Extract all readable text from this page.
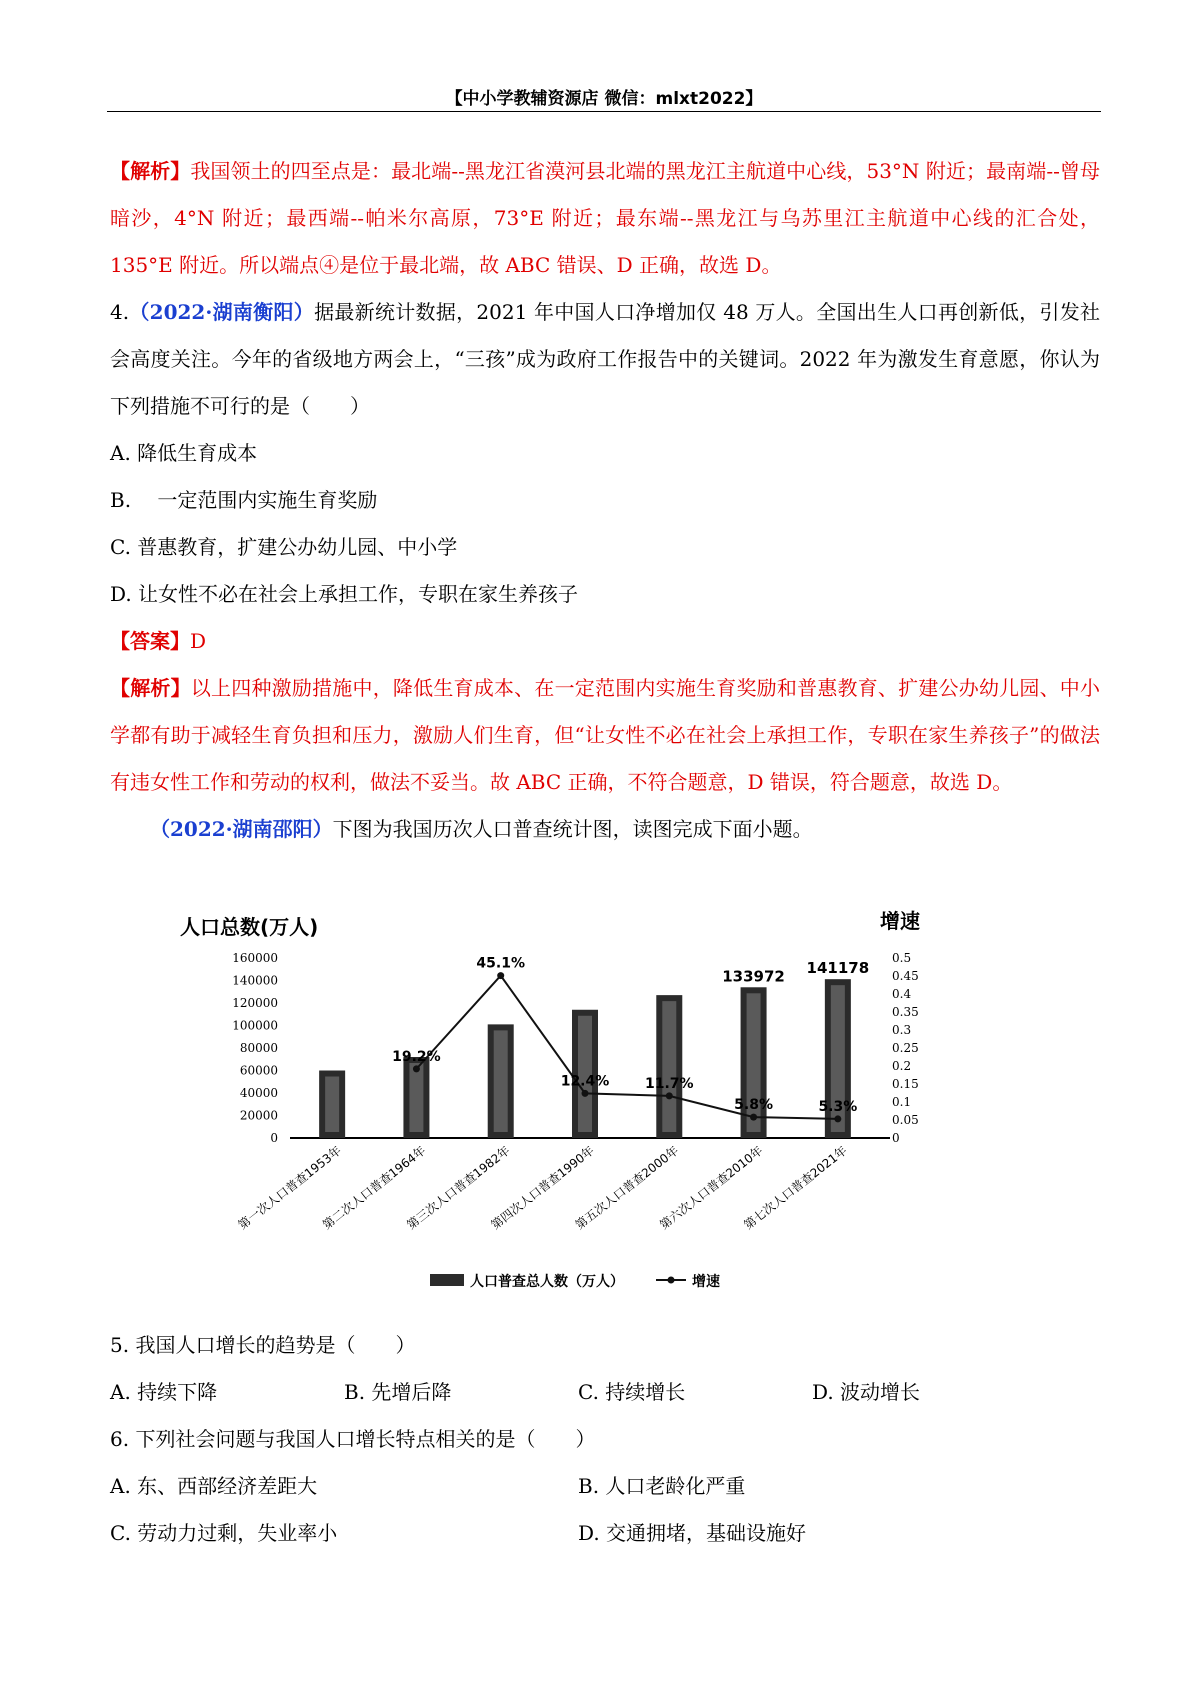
【中小学教辅资源店 微信：mlxt2022】

【解析】我国领土的四至点是：最北端--黑龙江省漠河县北端的黑龙江主航道中心线，53°N 附近；最南端--曾母暗沙，4°N 附近；最西端--帕米尔高原，73°E 附近；最东端--黑龙江与乌苏里江主航道中心线的汇合处，135°E 附近。所以端点④是位于最北端，故 ABC 错误、D 正确，故选 D。

4.（2022·湖南衡阳）据最新统计数据，2021 年中国人口净增加仅 48 万人。全国出生人口再创新低，引发社会高度关注。今年的省级地方两会上，“三孩”成为政府工作报告中的关键词。2022 年为激发生育意愿，你认为下列措施不可行的是（　　）

A. 降低生育成本

B.　 一定范围内实施生育奖励

C. 普惠教育，扩建公办幼儿园、中小学

D. 让女性不必在社会上承担工作，专职在家生养孩子

【答案】D

【解析】以上四种激励措施中，降低生育成本、在一定范围内实施生育奖励和普惠教育、扩建公办幼儿园、中小学都有助于减轻生育负担和压力，激励人们生育，但“让女性不必在社会上承担工作，专职在家生养孩子”的做法有违女性工作和劳动的权利，做法不妥当。故 ABC 正确，不符合题意，D 错误，符合题意，故选 D。

（2022·湖南邵阳）下图为我国历次人口普查统计图，读图完成下面小题。

人口总数(万人)	增速
160000
140000
120000
100000
80000
60000
40000
20000
0
0.5
0.45
0.4
0.35
0.3
0.25
0.2
0.15
0.1
0.05
0
133972 141178
19.2%
45.1%
12.4%	11.7%
5.8%	5.3%
第一次人口普查1953年
第二次人口普查1964年
第三次人口普查1982年
第四次人口普查1990年
第五次人口普查2000年
第六次人口普查2010年
第七次人口普查2021年
人口普查总人数（万人）	增速

5. 我国人口增长的趋势是（　　）

A. 持续下降	B. 先增后降	C. 持续增长	D. 波动增长

6. 下列社会问题与我国人口增长特点相关的是（　　）

A. 东、西部经济差距大	B. 人口老龄化严重
C. 劳动力过剩，失业率小	D. 交通拥堵，基础设施好
